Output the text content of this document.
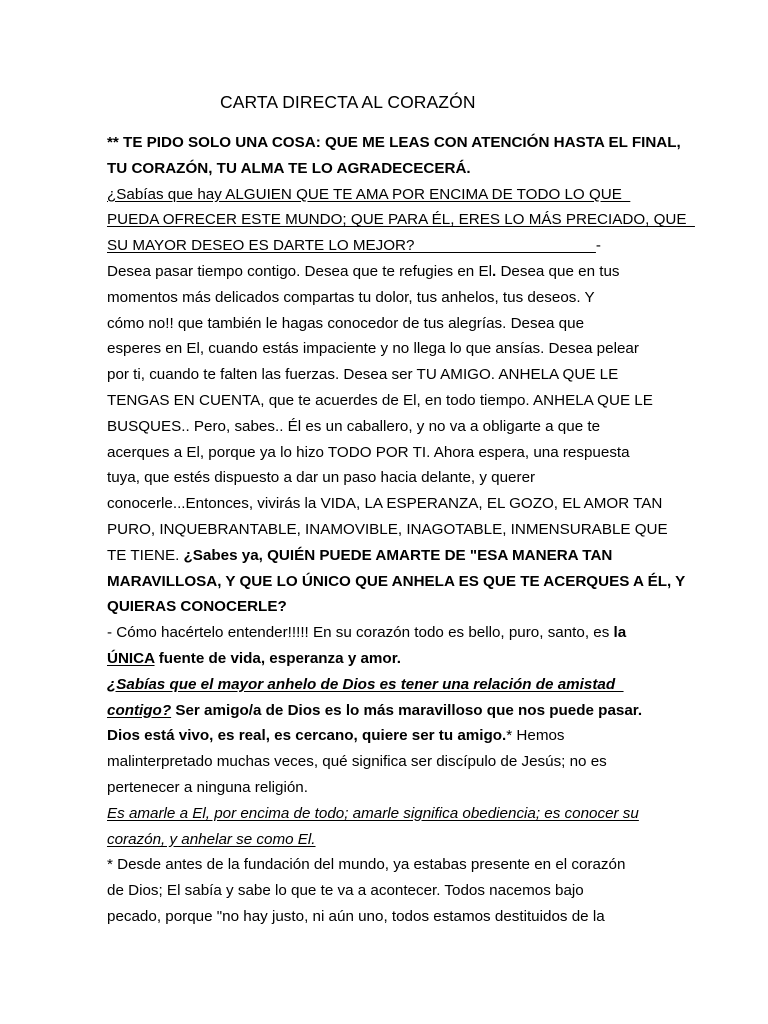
CARTA DIRECTA AL CORAZÓN
** TE PIDO SOLO UNA COSA: QUE ME LEAS CON ATENCIÓN HASTA EL FINAL,
TU CORAZÓN, TU ALMA TE LO AGRADECECERÁ.
¿Sabías que hay ALGUIEN QUE TE AMA POR ENCIMA DE TODO LO QUE
PUEDA OFRECER ESTE MUNDO; QUE PARA ÉL, ERES LO MÁS PRECIADO, QUE
SU MAYOR DESEO ES DARTE LO MEJOR?                                           -
Desea pasar tiempo contigo. Desea que te refugies en El. Desea que en tus
momentos más delicados compartas tu dolor, tus anhelos, tus deseos. Y
cómo no!! que también le hagas conocedor de tus alegrías. Desea que
esperes en El, cuando estás impaciente y no llega lo que ansías. Desea pelear
por ti, cuando te falten las fuerzas. Desea ser TU AMIGO. ANHELA QUE LE
TENGAS EN CUENTA, que te acuerdes de El, en todo tiempo. ANHELA QUE LE
BUSQUES.. Pero, sabes.. Él es un caballero, y no va a obligarte a que te
acerques a El, porque ya lo hizo TODO POR TI. Ahora espera, una respuesta
tuya, que estés dispuesto a dar un paso hacia delante, y querer
conocerle...Entonces, vivirás la VIDA, LA ESPERANZA, EL GOZO, EL AMOR TAN
PURO, INQUEBRANTABLE, INAMOVIBLE, INAGOTABLE, INMENSURABLE QUE
TE TIENE. ¿Sabes ya, QUIÉN PUEDE AMARTE DE "ESA MANERA TAN
MARAVILLOSA, Y QUE LO ÚNICO QUE ANHELA ES QUE TE ACERQUES A ÉL, Y
QUIERAS CONOCERLE?
- Cómo hacértelo entender!!!!! En su corazón todo es bello, puro, santo, es la
ÚNICA fuente de vida, esperanza y amor.
¿Sabías que el mayor anhelo de Dios es tener una relación de amistad
contigo? Ser amigo/a de Dios es lo más maravilloso que nos puede pasar.
Dios está vivo, es real, es cercano, quiere ser tu amigo.* Hemos
malinterpretado muchas veces, qué significa ser discípulo de Jesús; no es
pertenecer a ninguna religión.
Es amarle a El, por encima de todo; amarle significa obediencia; es conocer su
corazón, y anhelar se como El.
* Desde antes de la fundación del mundo, ya estabas presente en el corazón
de Dios; El sabía y sabe lo que te va a acontecer. Todos nacemos bajo
pecado, porque "no hay justo, ni aún uno, todos estamos destituidos de la
